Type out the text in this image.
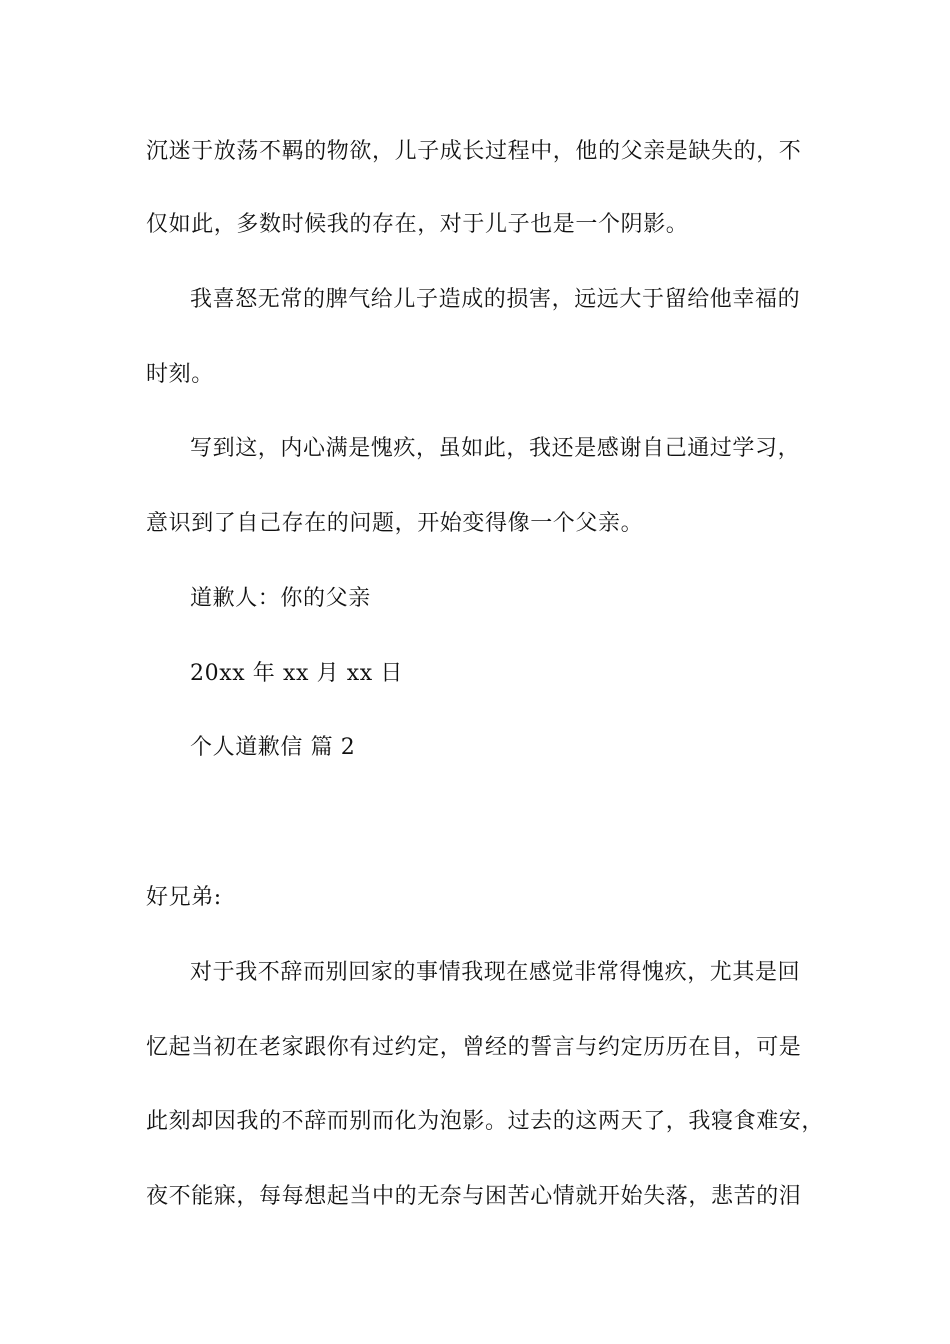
沉迷于放荡不羁的物欲，儿子成长过程中，他的父亲是缺失的，不
仅如此，多数时候我的存在，对于儿子也是一个阴影。
我喜怒无常的脾气给儿子造成的损害，远远大于留给他幸福的
时刻。
写到这，内心满是愧疚，虽如此，我还是感谢自己通过学习，
意识到了自己存在的问题，开始变得像一个父亲。
道歉人：你的父亲
20xx 年 xx 月 xx 日
个人道歉信 篇 2
好兄弟:
对于我不辞而别回家的事情我现在感觉非常得愧疚，尤其是回
忆起当初在老家跟你有过约定，曾经的誓言与约定历历在目，可是
此刻却因我的不辞而别而化为泡影。过去的这两天了，我寝食难安，
夜不能寐，每每想起当中的无奈与困苦心情就开始失落，悲苦的泪
